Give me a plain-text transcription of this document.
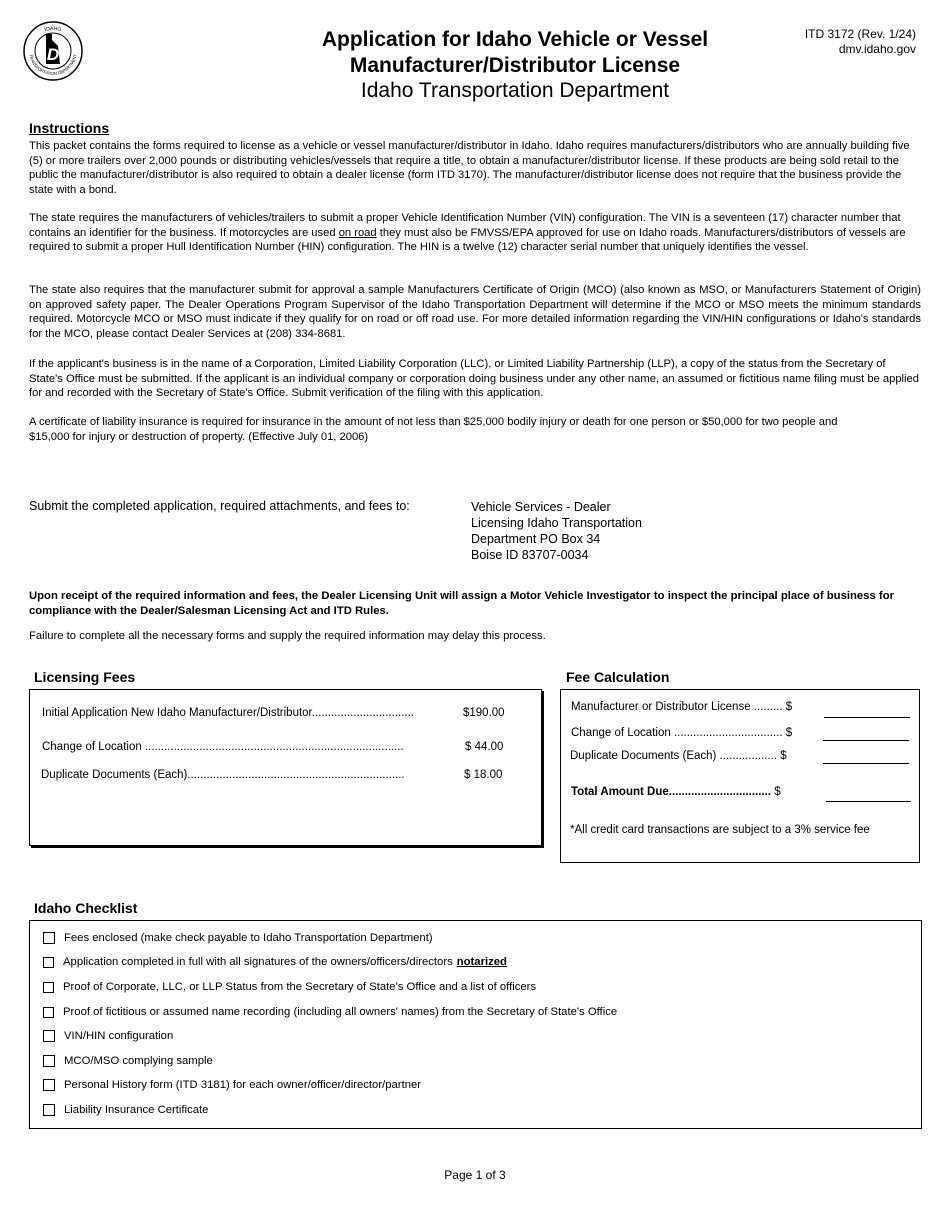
D
IDAHO
TRANSPORTATION DEPARTMENT
Application for Idaho Vehicle or Vessel
Manufacturer/Distributor License
Idaho Transportation Department
ITD 3172 (Rev. 1/24)
dmv.idaho.gov
Instructions
This packet contains the forms required to license as a vehicle or vessel manufacturer/distributor in Idaho. Idaho requires manufacturers/distributors who are annually building five (5) or more trailers over 2,000 pounds or distributing vehicles/vessels that require a title, to obtain a manufacturer/distributor license. If these products are being sold retail to the public the manufacturer/distributor is also required to obtain a dealer license (form ITD 3170). The manufacturer/distributor license does not require that the business provide the state with a bond.
The state requires the manufacturers of vehicles/trailers to submit a proper Vehicle Identification Number (VIN) configuration. The VIN is a seventeen (17) character number that contains an identifier for the business. If motorcycles are used on road they must also be FMVSS/EPA approved for use on Idaho roads. Manufacturers/distributors of vessels are required to submit a proper Hull Identification Number (HIN) configuration. The HIN is a twelve (12) character serial number that uniquely identifies the vessel.
The state also requires that the manufacturer submit for approval a sample Manufacturers Certificate of Origin (MCO) (also known as MSO, or Manufacturers Statement of Origin) on approved safety paper. The Dealer Operations Program Supervisor of the Idaho Transportation Department will determine if the MCO or MSO meets the minimum standards required. Motorcycle MCO or MSO must indicate if they qualify for on road or off road use. For more detailed information regarding the VIN/HIN configurations or Idaho's standards for the MCO, please contact Dealer Services at (208) 334-8681.
If the applicant's business is in the name of a Corporation, Limited Liability Corporation (LLC), or Limited Liability Partnership (LLP), a copy of the status from the Secretary of State's Office must be submitted. If the applicant is an individual company or corporation doing business under any other name, an assumed or fictitious name filing must be applied for and recorded with the Secretary of State's Office. Submit verification of the filing with this application.
A certificate of liability insurance is required for insurance in the amount of not less than $25,000 bodily injury or death for one person or $50,000 for two people and $15,000 for injury or destruction of property. (Effective July 01, 2006)
Submit the completed application, required attachments, and fees to:	Vehicle Services - Dealer
Licensing Idaho Transportation
Department PO Box 34
Boise ID 83707-0034
Upon receipt of the required information and fees, the Dealer Licensing Unit will assign a Motor Vehicle Investigator to inspect the principal place of business for compliance with the Dealer/Salesman Licensing Act and ITD Rules.
Failure to complete all the necessary forms and supply the required information may delay this process.
Licensing Fees
Initial Application New Idaho Manufacturer/Distributor................................	$190.00
Change of Location .................................................................................	$ 44.00
Duplicate Documents (Each)....................................................................	$ 18.00
Fee Calculation
Manufacturer or Distributor License ......... $
Change of Location .................................. $
Duplicate Documents (Each) .................. $
Total Amount Due................................ $
*All credit card transactions are subject to a 3% service fee
Idaho Checklist
Fees enclosed (make check payable to Idaho Transportation Department)
Application completed in full with all signatures of the owners/officers/directors notarized
Proof of Corporate, LLC, or LLP Status from the Secretary of State's Office and a list of officers
Proof of fictitious or assumed name recording (including all owners' names) from the Secretary of State's Office
VIN/HIN configuration
MCO/MSO complying sample
Personal History form (ITD 3181) for each owner/officer/director/partner
Liability Insurance Certificate
Page 1 of 3
